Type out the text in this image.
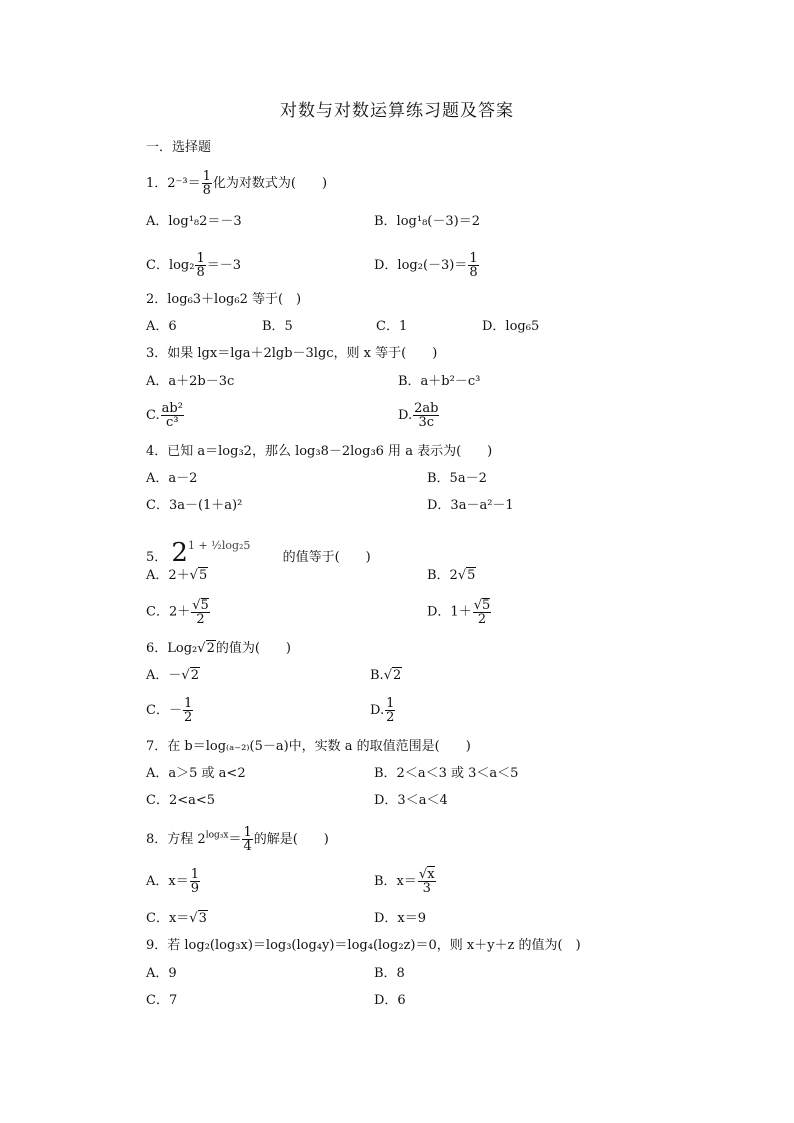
对数与对数运算练习题及答案
一．选择题
1．$2^{-3}= \frac{1}{8}$ 化为对数式为(　　)
A．log¹₈2＝－3	B．log¹₈(－3)＝2
C．$\log_2 \frac{1}{8} =-3$	D．$\log_2(-3)= \frac{1}{8}$
2．log₆3＋log₆2 等于(　)
A．6	B．5	C．1	D．log₆5
3．如果 lgx＝lga＋2lgb－3lgc，则 x 等于(　　)
A．a＋2b－3c	B．a＋b²－c³
C. $\frac{\text{ab²}}{\text{c³}}$	D. $\frac{2ab}{3c}$
4．已知 a＝log₃2，那么 log₃8－2log₃6 用 a 表示为(　　)
A．a－2	B．5a－2
C．3a－(1＋a)²	D．3a－a²－1
5． $2^{1 + \frac{1}{2}log_25}$ 的值等于(　　)
A．2＋√5	B．2√5
C．$2+ \frac{√5}{2}$	D．$1+ \frac{√5}{2}$
6．Log₂√2的值为(　　)
A．－√2	B.√2
C．－ $\frac{1}{2}$	D. $\frac{1}{2}$
7．在 b＝log₍ₐ₋₂₎(5－a)中，实数 a 的取值范围是(　　)
A．a＞5 或 a<2	B．2＜a＜3 或 3＜a＜5
C．2<a<5	D．3＜a＜4
8．方程 $2^{log_3x}= \frac{1}{4}$ 的解是(　　)
A．$x= \frac{1}{9}$	B．$x= \frac{√x}{3}$
C．x＝√3	D．x＝9
9．若 log₂(log₃x)＝log₃(log₄y)＝log₄(log₂z)＝0，则 x＋y＋z 的值为(　)
A．9	B．8
C．7	D．6
